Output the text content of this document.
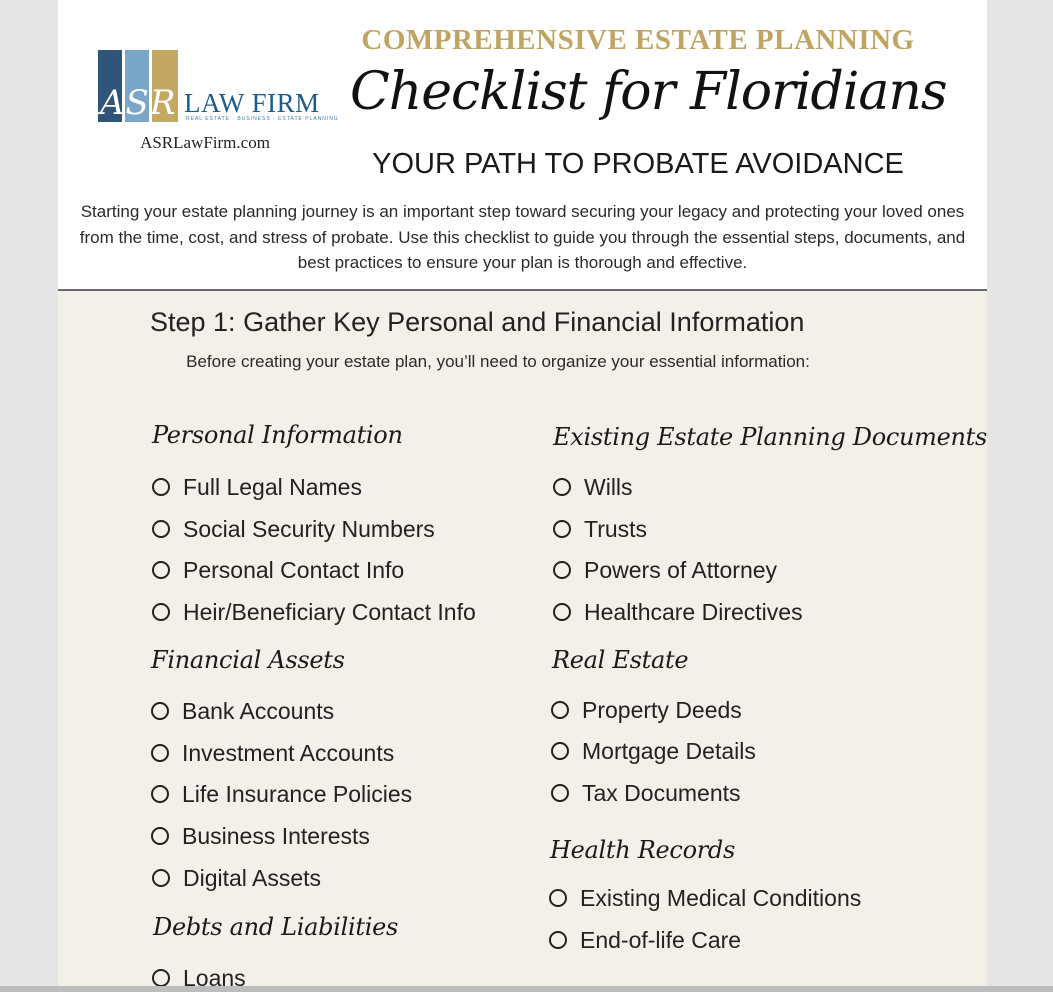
ASR LAW FIRM
REAL ESTATE · BUSINESS · ESTATE PLANNING
ASRLawFirm.com
COMPREHENSIVE ESTATE PLANNING
Checklist for Floridians
YOUR PATH TO PROBATE AVOIDANCE
Starting your estate planning journey is an important step toward securing your legacy and protecting your loved ones from the time, cost, and stress of probate. Use this checklist to guide you through the essential steps, documents, and best practices to ensure your plan is thorough and effective.
Step 1: Gather Key Personal and Financial Information
Before creating your estate plan, you’ll need to organize your essential information:
Personal Information
Full Legal Names
Social Security Numbers
Personal Contact Info
Heir/Beneficiary Contact Info
Financial Assets
Bank Accounts
Investment Accounts
Life Insurance Policies
Business Interests
Digital Assets
Debts and Liabilities
Loans
Existing Estate Planning Documents
Wills
Trusts
Powers of Attorney
Healthcare Directives
Real Estate
Property Deeds
Mortgage Details
Tax Documents
Health Records
Existing Medical Conditions
End-of-life Care
